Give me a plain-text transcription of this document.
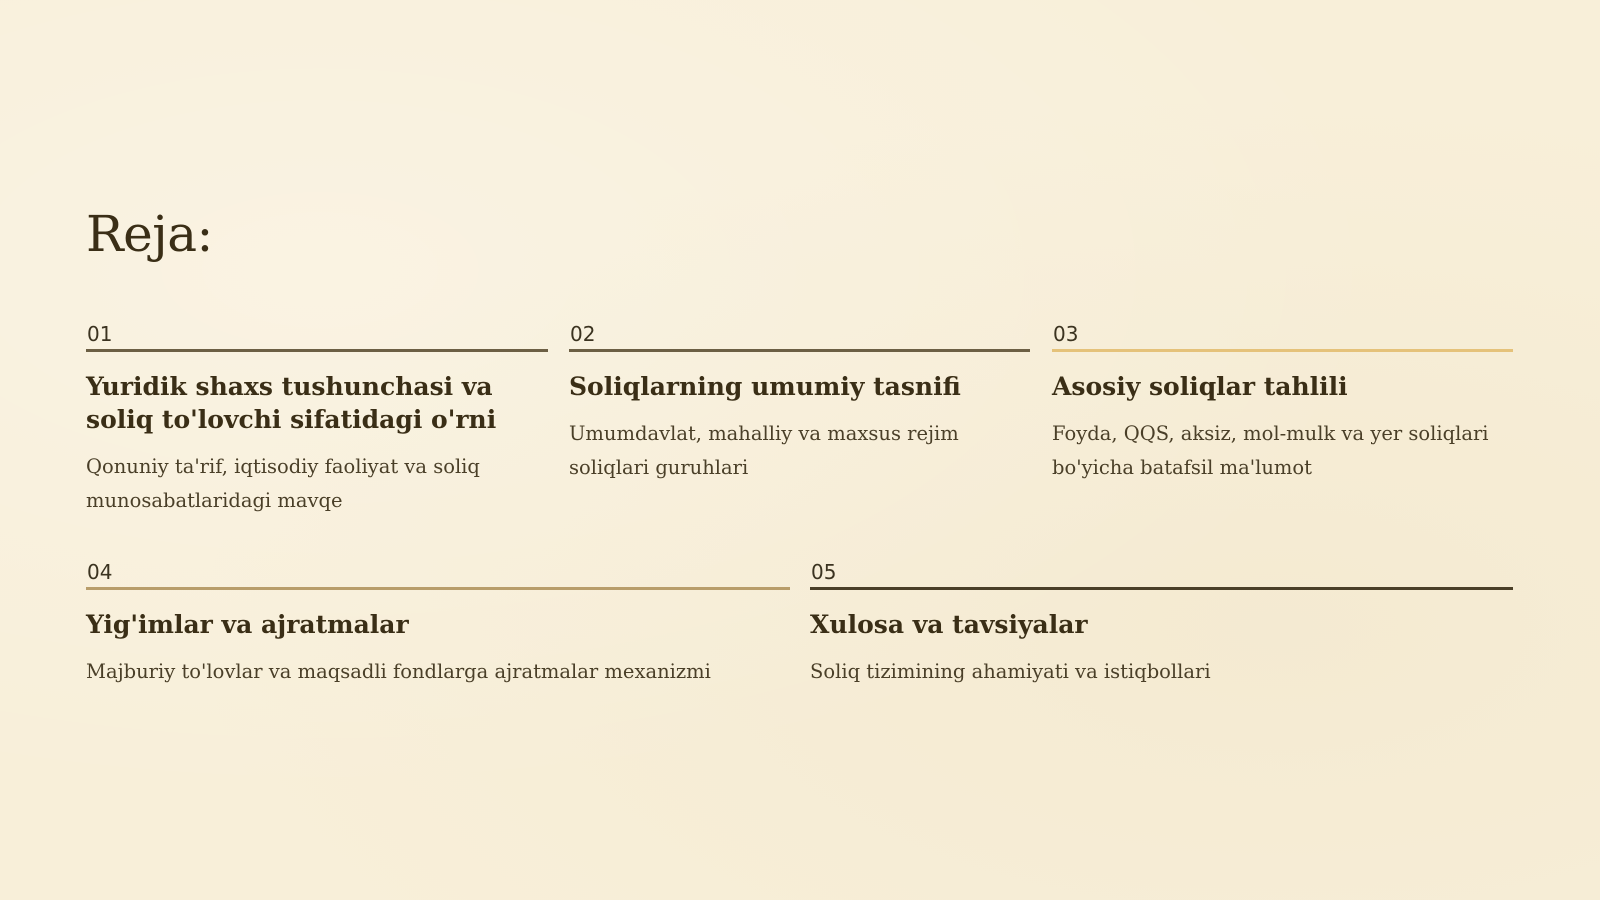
Reja:
01
Yuridik shaxs tushunchasi va soliq to'lovchi sifatidagi o'rni
Qonuniy ta'rif, iqtisodiy faoliyat va soliq munosabatlaridagi mavqe
02
Soliqlarning umumiy tasnifi
Umumdavlat, mahalliy va maxsus rejim soliqlari guruhlari
03
Asosiy soliqlar tahlili
Foyda, QQS, aksiz, mol-mulk va yer soliqlari bo'yicha batafsil ma'lumot
04
Yig'imlar va ajratmalar
Majburiy to'lovlar va maqsadli fondlarga ajratmalar mexanizmi
05
Xulosa va tavsiyalar
Soliq tizimining ahamiyati va istiqbollari
